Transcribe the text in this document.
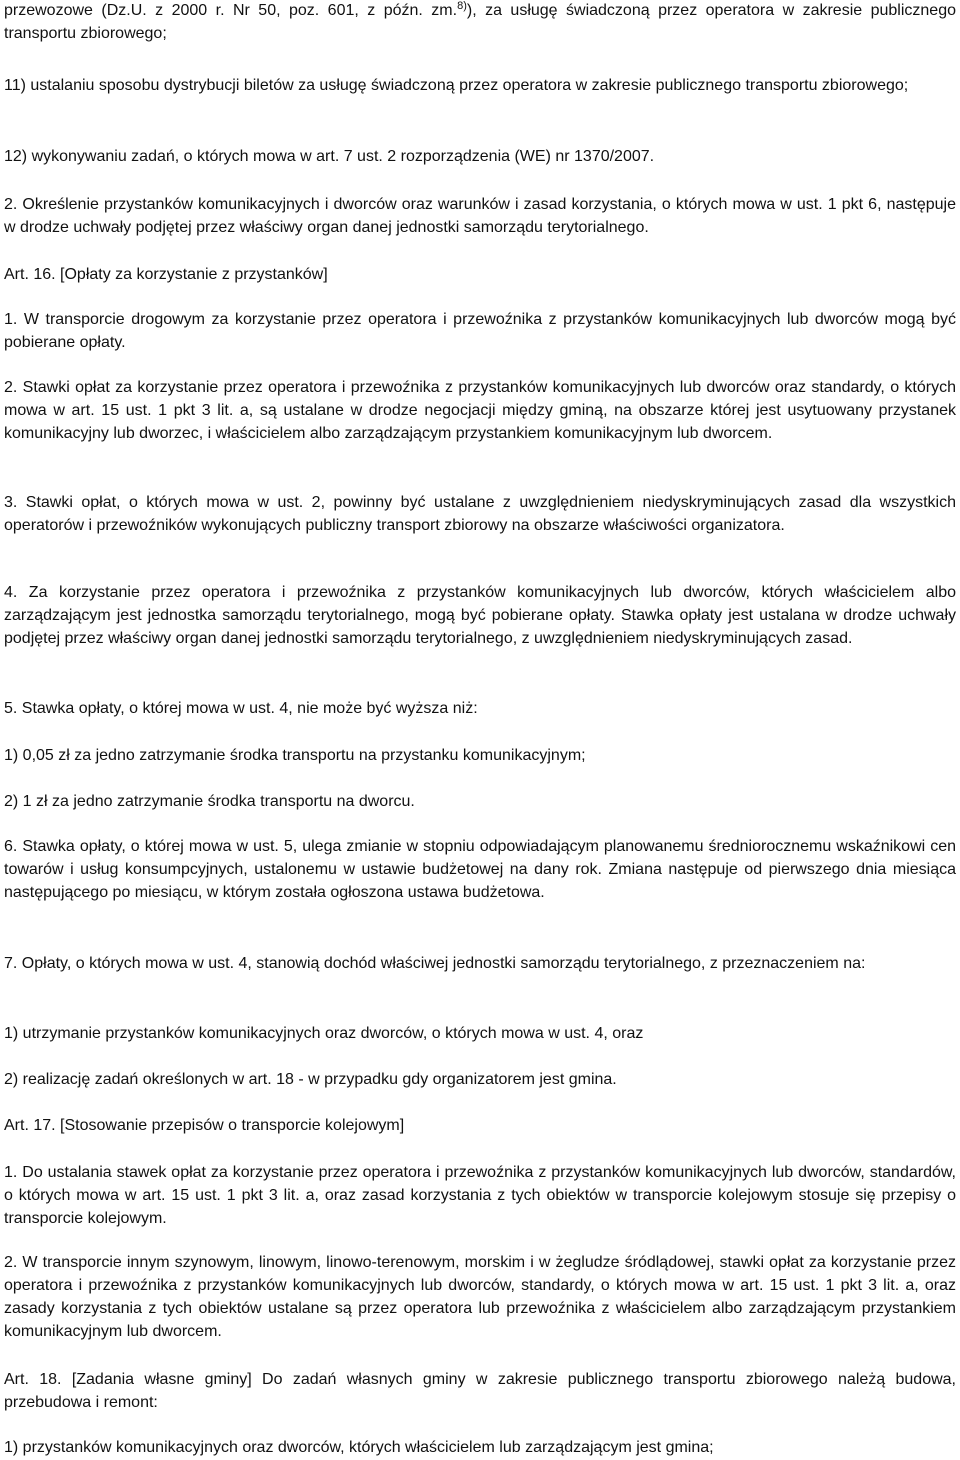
przewozowe (Dz.U. z 2000 r. Nr 50, poz. 601, z późn. zm.$^{8)}$), za usługę świadczoną przez operatora w zakresie publicznego transportu zbiorowego;

11) ustalaniu sposobu dystrybucji biletów za usługę świadczoną przez operatora w zakresie publicznego transportu zbiorowego;

12) wykonywaniu zadań, o których mowa w art. 7 ust. 2 rozporządzenia (WE) nr 1370/2007.

2. Określenie przystanków komunikacyjnych i dworców oraz warunków i zasad korzystania, o których mowa w ust. 1 pkt 6, następuje w drodze uchwały podjętej przez właściwy organ danej jednostki samorządu terytorialnego.

Art. 16. [Opłaty za korzystanie z przystanków]

1. W transporcie drogowym za korzystanie przez operatora i przewoźnika z przystanków komunikacyjnych lub dworców mogą być pobierane opłaty.

2. Stawki opłat za korzystanie przez operatora i przewoźnika z przystanków komunikacyjnych lub dworców oraz standardy, o których mowa w art. 15 ust. 1 pkt 3 lit. a, są ustalane w drodze negocjacji między gminą, na obszarze której jest usytuowany przystanek komunikacyjny lub dworzec, i właścicielem albo zarządzającym przystankiem komunikacyjnym lub dworcem.

3. Stawki opłat, o których mowa w ust. 2, powinny być ustalane z uwzględnieniem niedyskryminujących zasad dla wszystkich operatorów i przewoźników wykonujących publiczny transport zbiorowy na obszarze właściwości organizatora.

4. Za korzystanie przez operatora i przewoźnika z przystanków komunikacyjnych lub dworców, których właścicielem albo zarządzającym jest jednostka samorządu terytorialnego, mogą być pobierane opłaty. Stawka opłaty jest ustalana w drodze uchwały podjętej przez właściwy organ danej jednostki samorządu terytorialnego, z uwzględnieniem niedyskryminujących zasad.

5. Stawka opłaty, o której mowa w ust. 4, nie może być wyższa niż:

1) 0,05 zł za jedno zatrzymanie środka transportu na przystanku komunikacyjnym;

2) 1 zł za jedno zatrzymanie środka transportu na dworcu.

6. Stawka opłaty, o której mowa w ust. 5, ulega zmianie w stopniu odpowiadającym planowanemu średniorocznemu wskaźnikowi cen towarów i usług konsumpcyjnych, ustalonemu w ustawie budżetowej na dany rok. Zmiana następuje od pierwszego dnia miesiąca następującego po miesiącu, w którym została ogłoszona ustawa budżetowa.

7. Opłaty, o których mowa w ust. 4, stanowią dochód właściwej jednostki samorządu terytorialnego, z przeznaczeniem na:

1) utrzymanie przystanków komunikacyjnych oraz dworców, o których mowa w ust. 4, oraz

2) realizację zadań określonych w art. 18 - w przypadku gdy organizatorem jest gmina.

Art. 17. [Stosowanie przepisów o transporcie kolejowym]

1. Do ustalania stawek opłat za korzystanie przez operatora i przewoźnika z przystanków komunikacyjnych lub dworców, standardów, o których mowa w art. 15 ust. 1 pkt 3 lit. a, oraz zasad korzystania z tych obiektów w transporcie kolejowym stosuje się przepisy o transporcie kolejowym.

2. W transporcie innym szynowym, linowym, linowo-terenowym, morskim i w żegludze śródlądowej, stawki opłat za korzystanie przez operatora i przewoźnika z przystanków komunikacyjnych lub dworców, standardy, o których mowa w art. 15 ust. 1 pkt 3 lit. a, oraz zasady korzystania z tych obiektów ustalane są przez operatora lub przewoźnika z właścicielem albo zarządzającym przystankiem komunikacyjnym lub dworcem.

Art. 18. [Zadania własne gminy] Do zadań własnych gminy w zakresie publicznego transportu zbiorowego należą budowa, przebudowa i remont:

1) przystanków komunikacyjnych oraz dworców, których właścicielem lub zarządzającym jest gmina;
